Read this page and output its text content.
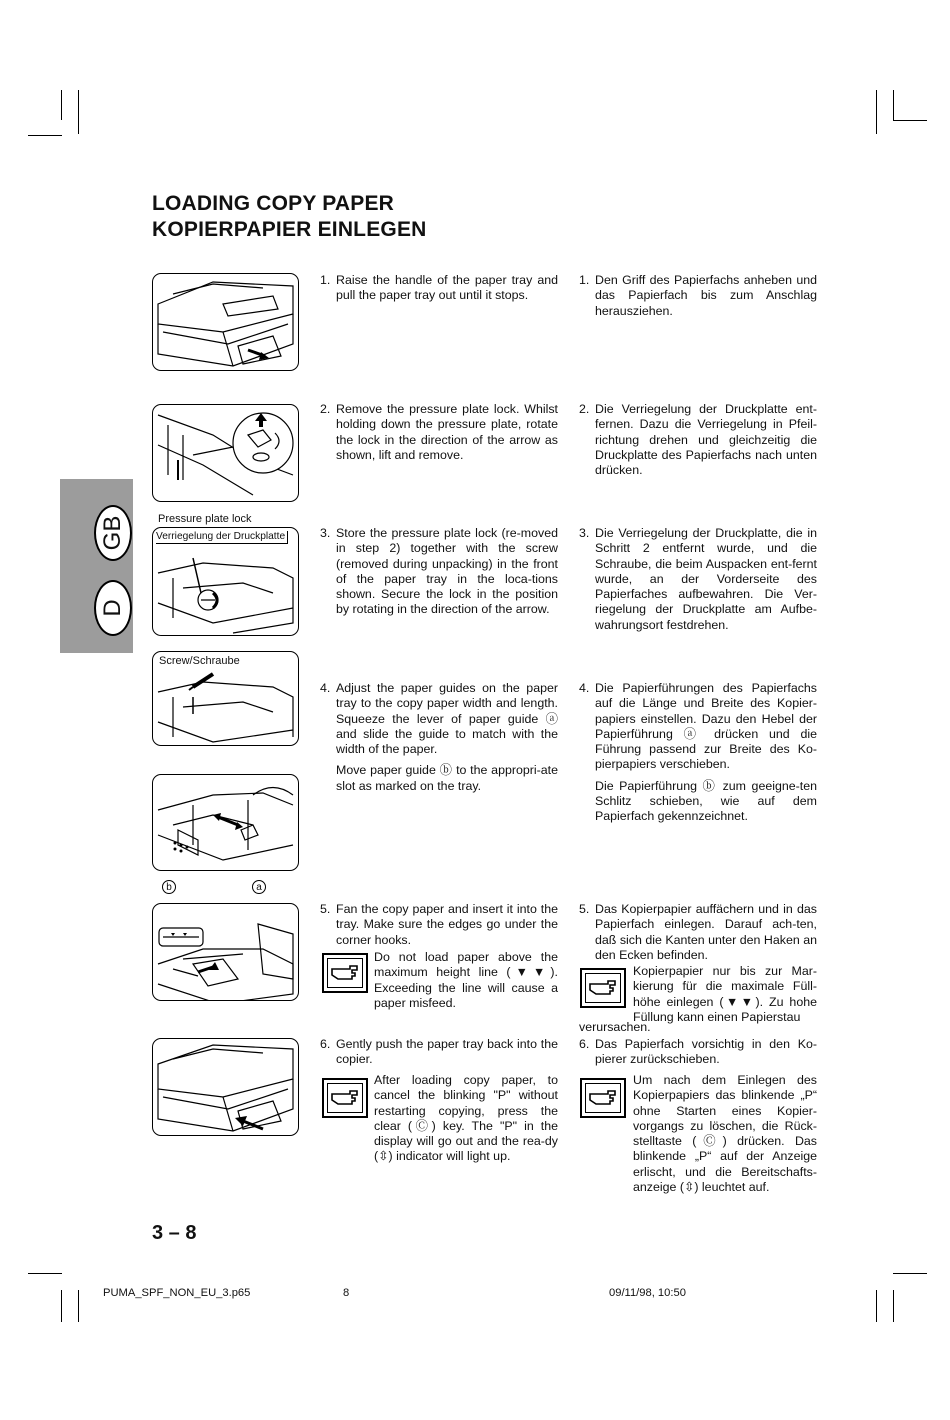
LOADING COPY PAPER
KOPIERPAPIER EINLEGEN
GB
D
Pressure plate lock
Verriegelung der Druckplatte
Screw/Schraube
b	a
1. Raise the handle of the paper tray and pull the paper tray out until it stops.
2. Remove the pressure plate lock. Whilst holding down the pressure plate, rotate the lock in the direction of the arrow as shown, lift and remove.
3. Store the pressure plate lock (re-moved in step 2) together with the screw (removed during unpacking) in the front of the paper tray in the loca-tions shown. Secure the lock in the position by rotating in the direction of the arrow.
4. Adjust the paper guides on the paper tray to the copy paper width and length. Squeeze the lever of paper guide ⓐ and slide the guide to match with the width of the paper.
Move paper guide ⓑ to the appropri-ate slot as marked on the tray.
5. Fan the copy paper and insert it into the tray. Make sure the edges go under the corner hooks.
Do not load paper above the maximum height line (▼▼). Exceeding the line will cause a paper misfeed.
6. Gently push the paper tray back into the copier.
After loading copy paper, to cancel the blinking "P" without restarting copying, press the clear (Ⓒ) key. The "P" in the display will go out and the rea-dy (⇳) indicator will light up.
1. Den Griff des Papierfachs anheben und das Papierfach bis zum Anschlag herausziehen.
2. Die Verriegelung der Druckplatte ent-fernen. Dazu die Verriegelung in Pfeil-richtung drehen und gleichzeitig die Druckplatte des Papierfachs nach unten drücken.
3. Die Verriegelung der Druckplatte, die in Schritt 2 entfernt wurde, und die Schraube, die beim Auspacken ent-fernt wurde, an der Vorderseite des Papierfaches aufbewahren. Die Ver-riegelung der Druckplatte am Aufbe-wahrungsort festdrehen.
4. Die Papierführungen des Papierfachs auf die Länge und Breite des Kopier-papiers einstellen. Dazu den Hebel der Papierführung ⓐ drücken und die Führung passend zur Breite des Ko-pierpapiers verschieben.
Die Papierführung ⓑ zum geeigne-ten Schlitz schieben, wie auf dem Papierfach gekennzeichnet.
5. Das Kopierpapier auffächern und in das Papierfach einlegen. Darauf ach-ten, daß sich die Kanten unter den Haken an den Ecken befinden.
Kopierpapier nur bis zur Mar-kierung für die maximale Füll-höhe einlegen (▼▼). Zu hohe Füllung kann einen Papierstau
verursachen.
6. Das Papierfach vorsichtig in den Ko-pierer zurückschieben.
Um nach dem Einlegen des Kopierpapiers das blinkende „P“ ohne Starten eines Kopier-vorgangs zu löschen, die Rück-stelltaste (Ⓒ) drücken. Das blinkende „P“ auf der Anzeige erlischt, und die Bereitschafts-anzeige (⇳) leuchtet auf.
3 – 8
PUMA_SPF_NON_EU_3.p65	8	09/11/98, 10:50
